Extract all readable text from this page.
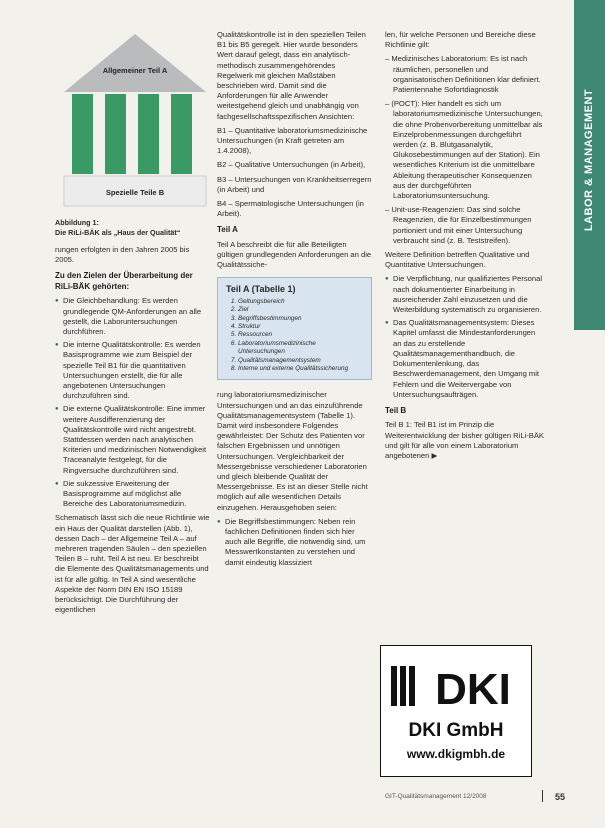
Allgemeiner Teil A
Spezielle Teile B
Abbildung 1:
Die RiLi-BÄK als „Haus der Qualität“

rungen erfolgten in den Jahren 2005 bis 2005.

Zu den Zielen der Überarbeitung der RiLi-BÄK gehörten:
● Die Gleichbehandlung: Es werden grundlegende QM-Anforderungen an alle gestellt, die Laboruntersuchungen durchführen.
● Die interne Qualitätskontrolle: Es werden Basisprogramme wie zum Beispiel der spezielle Teil B1 für die quantitativen Untersuchungen erstellt, die für alle angebotenen Untersuchungen durchzuführen sind.
● Die externe Qualitätskontrolle: Eine immer weitere Ausdifferenzierung der Qualitätskontrolle wird nicht angestrebt. Stattdessen werden nach analytischen Kriterien und medizinischen Notwendigkeit Traceanalyte festgelegt, für die Ringversuche durchzuführen sind.
● Die sukzessive Erweiterung der Basisprogramme auf möglichst alle Bereiche des Laboratoriumsmedizin.

Schematisch lässt sich die neue Richtlinie wie ein Haus der Qualität darstellen (Abb. 1), dessen Dach – der Allgemeine Teil A – auf mehreren tragenden Säulen – den speziellen Teilen B – ruht. Teil A ist neu. Er beschreibt die Elemente des Qualitätsmanagements und ist für alle gültig. In Teil A sind wesentliche Aspekte der Norm DIN EN ISO 15189 berücksichtigt. Die Durchführung der eigentlichen

Qualitätskontrolle ist in den speziellen Teilen B1 bis B5 geregelt. Hier wurde besonders Wert darauf gelegt, dass ein analytisch-methodisch zusammengehörendes Regelwerk mit gleichen Maßstäben beschrieben wird. Damit sind die Anforderungen für alle Anwender weitestgehend gleich und unabhängig von fachgesellschaftsspezifischen Ansichten:

B1 – Quantitative laboratoriumsmedizinische Untersuchungen (in Kraft getreten am 1.4.2008),

B2 – Qualitative Untersuchungen (in Arbeit),

B3 – Untersuchungen von Krankheitserregern (in Arbeit) und

B4 – Spermatologische Untersuchungen (in Arbeit).

Teil A

Teil A beschreibt die für alle Beteiligten gültigen grundlegenden Anforderungen an die Qualitätssiche-

Teil A (Tabelle 1)
1. Geltungsbereich
2. Ziel
3. Begriffsbestimmungen
4. Struktur
5. Ressourcen
6. Laboratoriumsmedizinische Untersuchungen
7. Qualitätsmanagementsystem
8. Interne und externe Qualitätssicherung

rung laboratoriumsmedizinischer Untersuchungen und an das einzuführende Qualitätsmanagementsystem (Tabelle 1). Damit wird insbesondere Folgendes gewährleistet: Der Schutz des Patienten vor falschen Ergebnissen und unnötigen Untersuchungen. Vergleichbarkeit der Messergebnisse verschiedener Laboratorien und gleich bleibende Qualität der Messergebnisse. Es ist an dieser Stelle nicht möglich auf alle wesentlichen Details einzugehen. Herausgehoben seien:

● Die Begriffsbestimmungen: Neben rein fachlichen Definitionen finden sich hier auch alle Begriffe, die notwendig sind, um Messwertkonstanten zu verstehen und damit eindeutig klassiziert

len, für welche Personen und Bereiche diese Richtlinie gilt:

– Medizinisches Laboratorium: Es ist nach räumlichen, personellen und organisatorischen Definitionen klar definiert. Patientennahe Sofortdiagnostik

– (POCT): Hier handelt es sich um laboratoriumsmedizinische Untersuchungen, die ohne Probenvorbereitung unmittelbar als Einzelprobenmessungen durchgeführt werden (z. B. Blutgasanalytik, Glukosebestimmungen auf der Station). Ein wesentliches Kriterium ist die unmittelbare Ableitung therapeutischer Konsequenzen aus der durchgeführten Laboratoriumsuntersuchung.

– Unit-use-Reagenzien: Das sind solche Reagenzien, die für Einzelbestimmungen portioniert und mit einer Untersuchung verbraucht sind (z. B. Teststreifen).

Weitere Definition betreffen Qualitative und Quantitative Untersuchungen.

● Die Verpflichtung, nur qualifiziertes Personal nach dokumentierter Einarbeitung in ausreichender Zahl einzusetzen und die Weiterbildung systematisch zu organisieren.
● Das Qualitätsmanagementsystem: Dieses Kapitel umfasst die Mindestanforderungen an das zu erstellende Qualitätsmanagementhandbuch, die Dokumentenlenkung, das Beschwerdemanagement, den Umgang mit Fehlern und die Weitervergabe von Untersuchungsaufträgen.
Teil B

Teil B 1: Teil B1 ist im Prinzip die Weiterentwicklung der bisher gültigen RiLi-BÄK und gilt für alle von einem Laboratorium angebotenen ▶

LABOR & MANAGEMENT
DKI
DKI GmbH
www.dkigmbh.de
GIT-Qualitätsmanagement 12/2008	55
